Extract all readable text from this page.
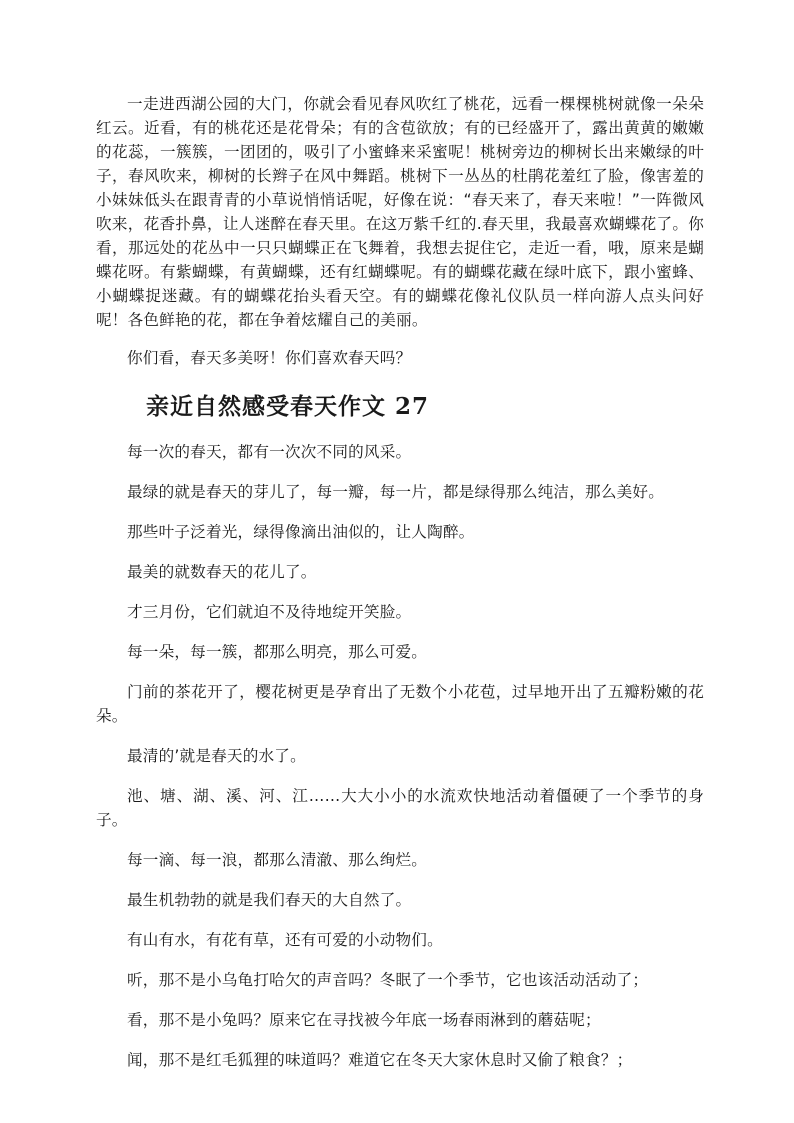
一走进西湖公园的大门，你就会看见春风吹红了桃花，远看一棵棵桃树就像一朵朵红云。近看，有的桃花还是花骨朵；有的含苞欲放；有的已经盛开了，露出黄黄的嫩嫩的花蕊，一簇簇，一团团的，吸引了小蜜蜂来采蜜呢！桃树旁边的柳树长出来嫩绿的叶子，春风吹来，柳树的长辫子在风中舞蹈。桃树下一丛丛的杜鹃花羞红了脸，像害羞的小妹妹低头在跟青青的小草说悄悄话呢，好像在说：“春天来了，春天来啦！”一阵微风吹来，花香扑鼻，让人迷醉在春天里。在这万紫千红的.春天里，我最喜欢蝴蝶花了。你看，那远处的花丛中一只只蝴蝶正在飞舞着，我想去捉住它，走近一看，哦，原来是蝴蝶花呀。有紫蝴蝶，有黄蝴蝶，还有红蝴蝶呢。有的蝴蝶花藏在绿叶底下，跟小蜜蜂、小蝴蝶捉迷藏。有的蝴蝶花抬头看天空。有的蝴蝶花像礼仪队员一样向游人点头问好呢！各色鲜艳的花，都在争着炫耀自己的美丽。

你们看，春天多美呀！你们喜欢春天吗？

亲近自然感受春天作文 27

每一次的春天，都有一次次不同的风采。

最绿的就是春天的芽儿了，每一瓣，每一片，都是绿得那么纯洁，那么美好。

那些叶子泛着光，绿得像滴出油似的，让人陶醉。

最美的就数春天的花儿了。

才三月份，它们就迫不及待地绽开笑脸。

每一朵，每一簇，都那么明亮，那么可爱。

门前的茶花开了，樱花树更是孕育出了无数个小花苞，过早地开出了五瓣粉嫩的花朵。

最清的’就是春天的水了。

池、塘、湖、溪、河、江……大大小小的水流欢快地活动着僵硬了一个季节的身子。

每一滴、每一浪，都那么清澈、那么绚烂。

最生机勃勃的就是我们春天的大自然了。

有山有水，有花有草，还有可爱的小动物们。

听，那不是小乌龟打哈欠的声音吗？冬眠了一个季节，它也该活动活动了；

看，那不是小兔吗？原来它在寻找被今年底一场春雨淋到的蘑菇呢；

闻，那不是红毛狐狸的味道吗？难道它在冬天大家休息时又偷了粮食？；
